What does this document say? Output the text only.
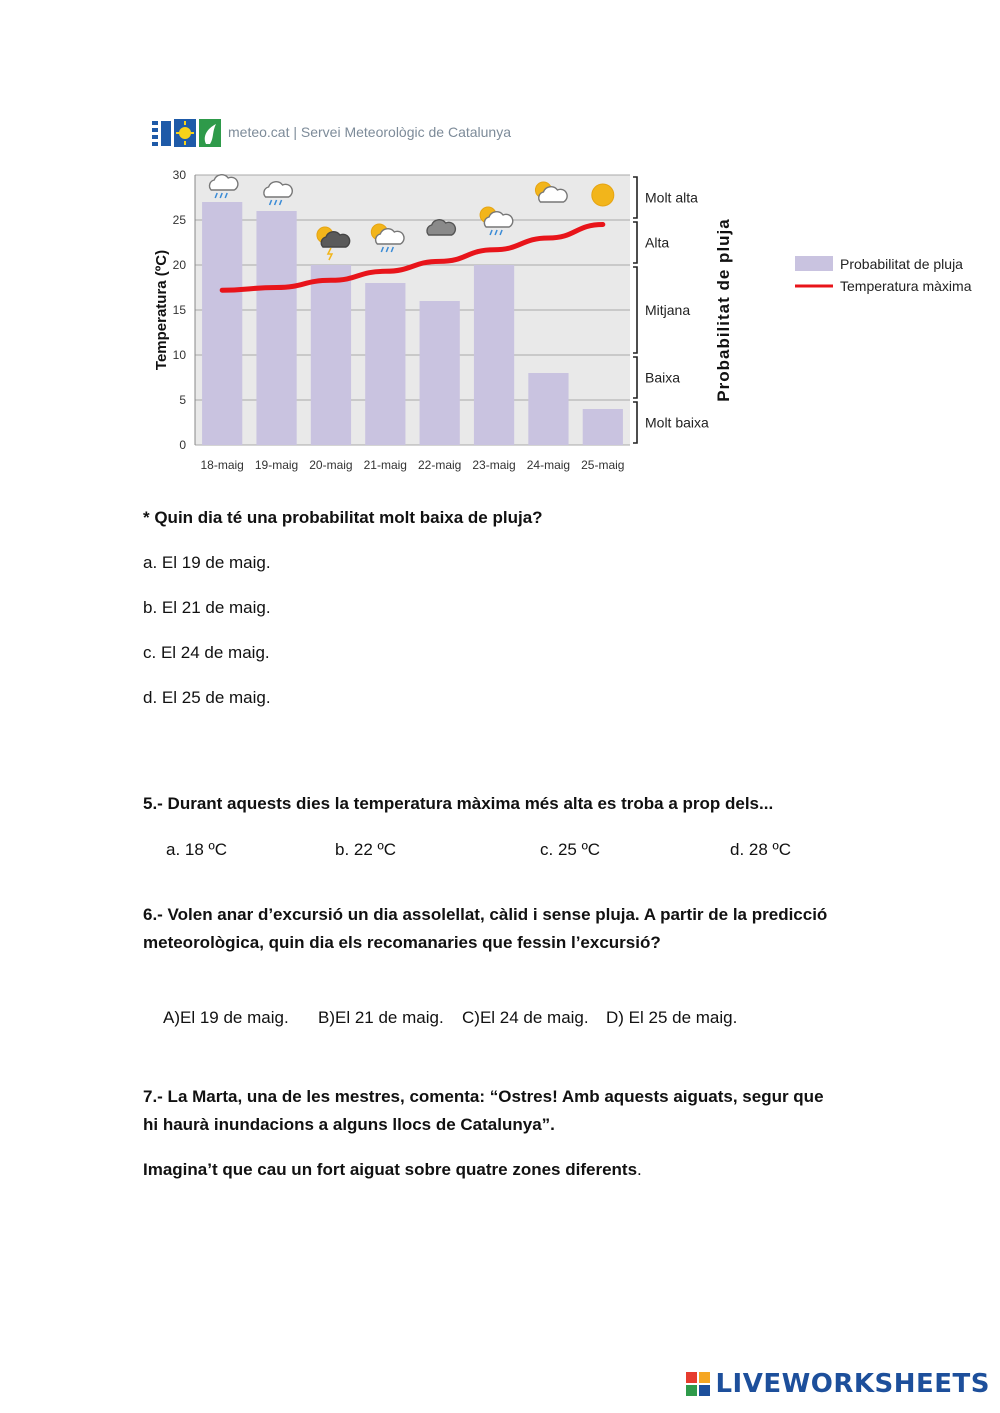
meteo.cat | Servei Meteorològic de Catalunya
0
5
10
15
20
25
30
18-maig 19-maig 20-maig 21-maig 22-maig 23-maig 24-maig 25-maig
Molt alta
Alta
Mitjana
Baixa
Molt baixa
Temperatura (ºC)	Probabilitat de pluja	Probabilitat de pluja
Temperatura màxima
* Quin dia té una probabilitat molt baixa de pluja?
a. El 19 de maig.
b. El 21 de maig.
c. El 24 de maig.
d. El 25 de maig.
5.- Durant aquests dies la temperatura màxima més alta es troba a prop dels...
a. 18 ºC	b. 22 ºC	c. 25 ºC	d. 28 ºC
6.- Volen anar d’excursió un dia assolellat, càlid i sense pluja. A partir de la predicció
meteorològica, quin dia els recomanaries que fessin l’excursió?
A)El 19 de maig. B)El 21 de maig. C)El 24 de maig. D) El 25 de maig.
7.- La Marta, una de les mestres, comenta: “Ostres! Amb aquests aiguats, segur que
hi haurà inundacions a alguns llocs de Catalunya”.
Imagina’t que cau un fort aiguat sobre quatre zones diferents.
LIVEWORKSHEETS
